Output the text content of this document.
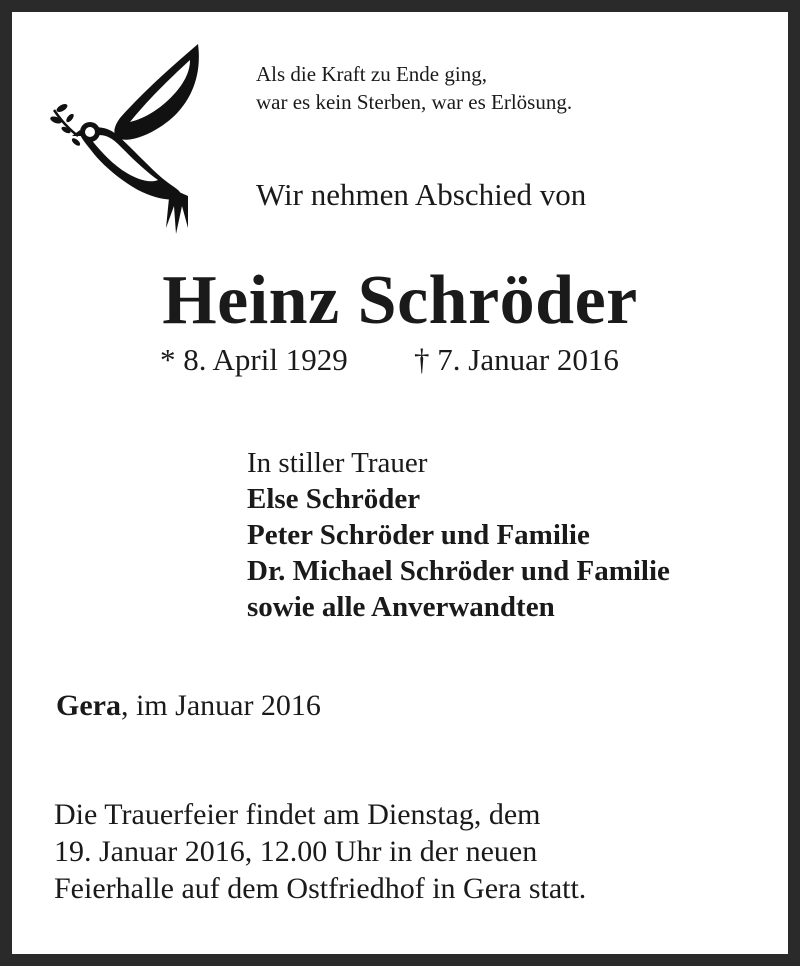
Als die Kraft zu Ende ging,
war es kein Sterben, war es Erlösung.
Wir nehmen Abschied von
Heinz Schröder
* 8. April 1929 † 7. Januar 2016
In stiller Trauer
Else Schröder
Peter Schröder und Familie
Dr. Michael Schröder und Familie
sowie alle Anverwandten
Gera, im Januar 2016
Die Trauerfeier findet am Dienstag, dem
19. Januar 2016, 12.00 Uhr in der neuen
Feierhalle auf dem Ostfriedhof in Gera statt.
